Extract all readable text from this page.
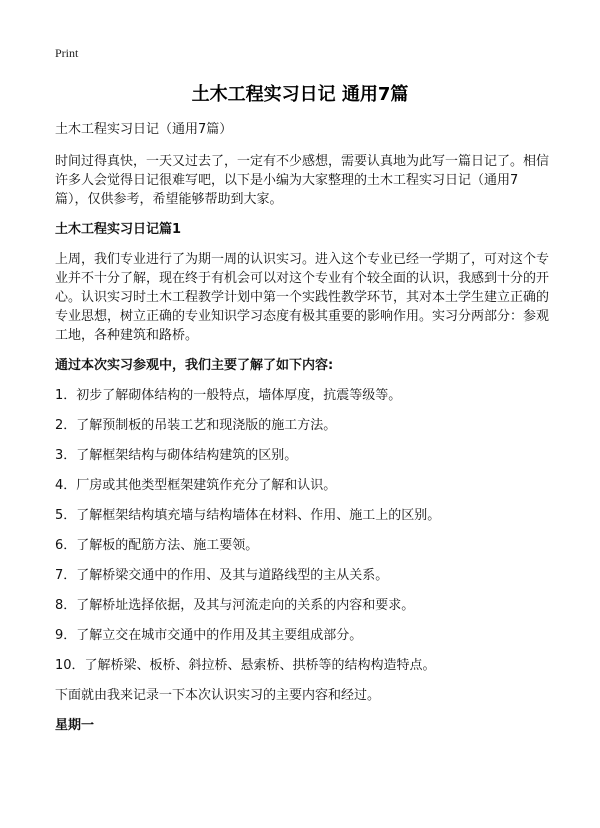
Print
土木工程实习日记 通用7篇

土木工程实习日记（通用7篇）

时间过得真快，一天又过去了，一定有不少感想，需要认真地为此写一篇日记了。相信许多人会觉得日记很难写吧，以下是小编为大家整理的土木工程实习日记（通用7篇），仅供参考，希望能够帮助到大家。

土木工程实习日记篇1

上周，我们专业进行了为期一周的认识实习。进入这个专业已经一学期了，可对这个专业并不十分了解，现在终于有机会可以对这个专业有个较全面的认识，我感到十分的开心。认识实习时土木工程教学计划中第一个实践性教学环节，其对本土学生建立正确的专业思想，树立正确的专业知识学习态度有极其重要的影响作用。实习分两部分：参观工地，各种建筑和路桥。

通过本次实习参观中，我们主要了解了如下内容:
1．初步了解砌体结构的一般特点，墙体厚度，抗震等级等。
2．了解预制板的吊装工艺和现浇版的施工方法。
3．了解框架结构与砌体结构建筑的区别。
4．厂房或其他类型框架建筑作充分了解和认识。
5．了解框架结构填充墙与结构墙体在材料、作用、施工上的区别。
6．了解板的配筋方法、施工要领。
7．了解桥梁交通中的作用、及其与道路线型的主从关系。
8．了解桥址选择依据，及其与河流走向的关系的内容和要求。
9．了解立交在城市交通中的作用及其主要组成部分。
10．了解桥梁、板桥、斜拉桥、悬索桥、拱桥等的结构构造特点。

下面就由我来记录一下本次认识实习的主要内容和经过。

星期一
